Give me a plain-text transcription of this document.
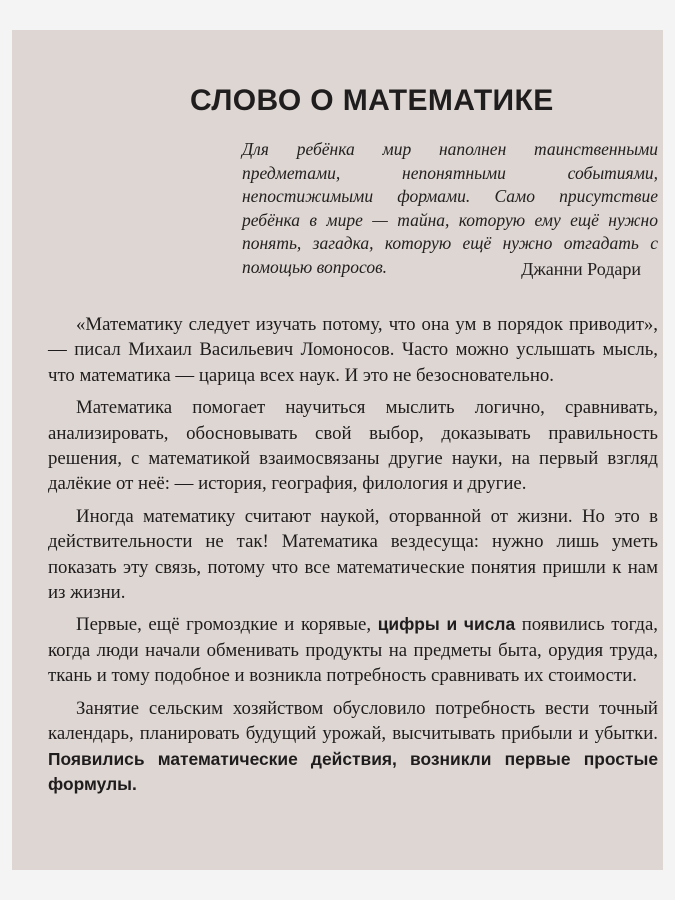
СЛОВО О МАТЕМАТИКЕ
Для ребёнка мир наполнен таинственными предметами, непонятными событиями, непостижимыми формами. Само присутствие ребёнка в мире — тайна, которую ему ещё нужно понять, загадка, которую ещё нужно отгадать с помощью вопросов.	Джанни Родари

«Математику следует изучать потому, что она ум в порядок приводит», — писал Михаил Васильевич Ломоносов. Часто можно услышать мысль, что математика — царица всех наук. И это не безосновательно.

Математика помогает научиться мыслить логично, сравнивать, анализировать, обосновывать свой выбор, доказывать правильность решения, с математикой взаимосвязаны другие науки, на первый взгляд далёкие от неё: — история, география, филология и другие.

Иногда математику считают наукой, оторванной от жизни. Но это в действительности не так! Математика вездесуща: нужно лишь уметь показать эту связь, потому что все математические понятия пришли к нам из жизни.

Первые, ещё громоздкие и корявые, цифры и числа появились тогда, когда люди начали обменивать продукты на предметы быта, орудия труда, ткань и тому подобное и возникла потребность сравнивать их стоимости.

Занятие сельским хозяйством обусловило потребность вести точный календарь, планировать будущий урожай, высчитывать прибыли и убытки. Появились математические действия, возникли первые простые формулы.
